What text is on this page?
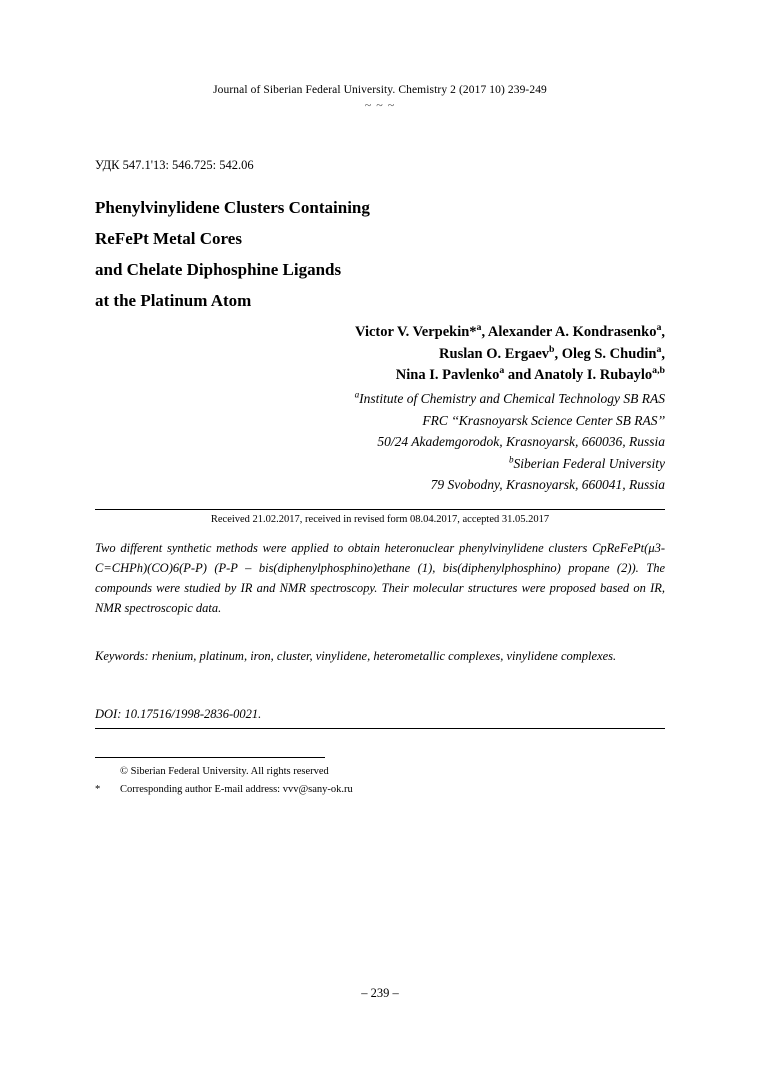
Journal of Siberian Federal University. Chemistry 2 (2017 10) 239-249
~ ~ ~
УДК 547.1'13: 546.725: 542.06
Phenylvinylidene Clusters Containing
ReFePt Metal Cores
and Chelate Diphosphine Ligands
at the Platinum Atom
Victor V. Verpekin*$^a$, Alexander A. Kondrasenko$^a$,
Ruslan O. Ergaev$^b$, Oleg S. Chudin$^a$,
Nina I. Pavlenko$^a$ and Anatoly I. Rubaylo$^{a,b}$
$^a$Institute of Chemistry and Chemical Technology SB RAS
FRC ‘‘Krasnoyarsk Science Center SB RAS’’
50/24 Akademgorodok, Krasnoyarsk, 660036, Russia
$^b$Siberian Federal University
79 Svobodny, Krasnoyarsk, 660041, Russia
Received 21.02.2017, received in revised form 08.04.2017, accepted 31.05.2017
Two different synthetic methods were applied to obtain heteronuclear phenylvinylidene clusters CpReFePt(μ3-C=CHPh)(CO)6(P-P) (P-P – bis(diphenylphosphino)ethane (1), bis(diphenylphosphino) propane (2)). The compounds were studied by IR and NMR spectroscopy. Their molecular structures were proposed based on IR, NMR spectroscopic data.
Keywords: rhenium, platinum, iron, cluster, vinylidene, heterometallic complexes, vinylidene complexes.
DOI: 10.17516/1998-2836-0021.
© Siberian Federal University. All rights reserved
* Corresponding author E-mail address: vvv@sany-ok.ru
– 239 –
